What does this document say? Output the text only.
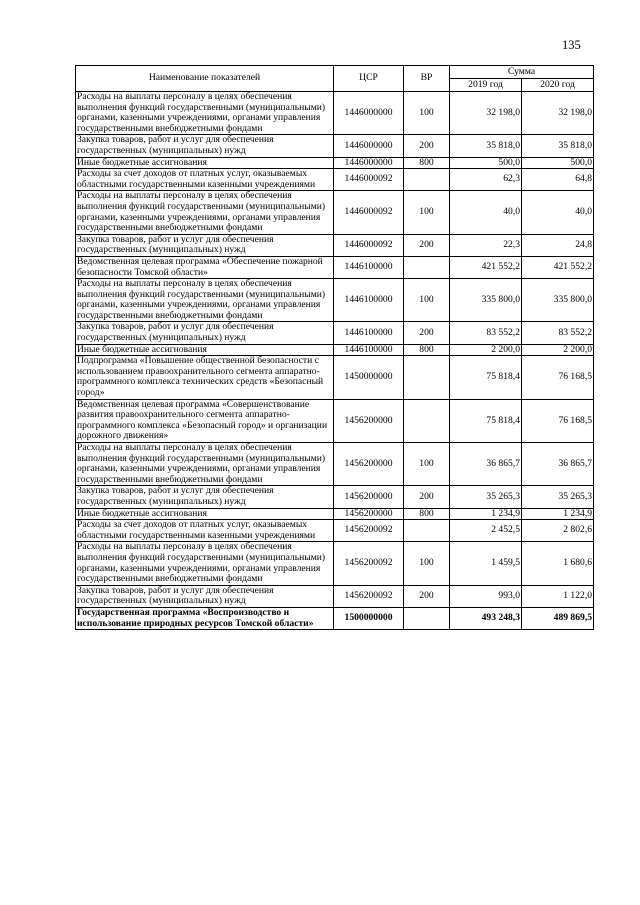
135
Наименование показателей	ЦСР	ВР	Сумма	
			2019 год	2020 год
Расходы на выплаты персоналу в целях обеспечения выполнения функций государственными (муниципальными) органами, казенными учреждениями, органами управления государственными внебюджетными фондами	1446000000	100	32 198,0	32 198,0
Закупка товаров, работ и услуг для обеспечения государственных (муниципальных) нужд	1446000000	200	35 818,0	35 818,0
Иные бюджетные ассигнования	1446000000	800	500,0	500,0
Расходы за счет доходов от платных услуг, оказываемых областными государственными казенными учреждениями	1446000092		62,3	64,8
Расходы на выплаты персоналу в целях обеспечения выполнения функций государственными (муниципальными) органами, казенными учреждениями, органами управления государственными внебюджетными фондами	1446000092	100	40,0	40,0
Закупка товаров, работ и услуг для обеспечения государственных (муниципальных) нужд	1446000092	200	22,3	24,8
Ведомственная целевая программа «Обеспечение пожарной безопасности Томской области»	1446100000		421 552,2	421 552,2
Расходы на выплаты персоналу в целях обеспечения выполнения функций государственными (муниципальными) органами, казенными учреждениями, органами управления государственными внебюджетными фондами	1446100000	100	335 800,0	335 800,0
Закупка товаров, работ и услуг для обеспечения государственных (муниципальных) нужд	1446100000	200	83 552,2	83 552,2
Иные бюджетные ассигнования	1446100000	800	2 200,0	2 200,0
Подпрограмма «Повышение общественной безопасности с использованием правоохранительного сегмента аппаратно-программного комплекса технических средств «Безопасный город»	1450000000		75 818,4	76 168,5
Ведомственная целевая программа «Совершенствование развития правоохранительного сегмента аппаратно-программного комплекса «Безопасный город» и организации дорожного движения»	1456200000		75 818,4	76 168,5
Расходы на выплаты персоналу в целях обеспечения выполнения функций государственными (муниципальными) органами, казенными учреждениями, органами управления государственными внебюджетными фондами	1456200000	100	36 865,7	36 865,7
Закупка товаров, работ и услуг для обеспечения государственных (муниципальных) нужд	1456200000	200	35 265,3	35 265,3
Иные бюджетные ассигнования	1456200000	800	1 234,9	1 234,9
Расходы за счет доходов от платных услуг, оказываемых областными государственными казенными учреждениями	1456200092		2 452,5	2 802,6
Расходы на выплаты персоналу в целях обеспечения выполнения функций государственными (муниципальными) органами, казенными учреждениями, органами управления государственными внебюджетными фондами	1456200092	100	1 459,5	1 680,6
Закупка товаров, работ и услуг для обеспечения государственных (муниципальных) нужд	1456200092	200	993,0	1 122,0
Государственная программа «Воспроизводство и использование природных ресурсов Томской области»	1500000000		493 248,3	489 869,5
